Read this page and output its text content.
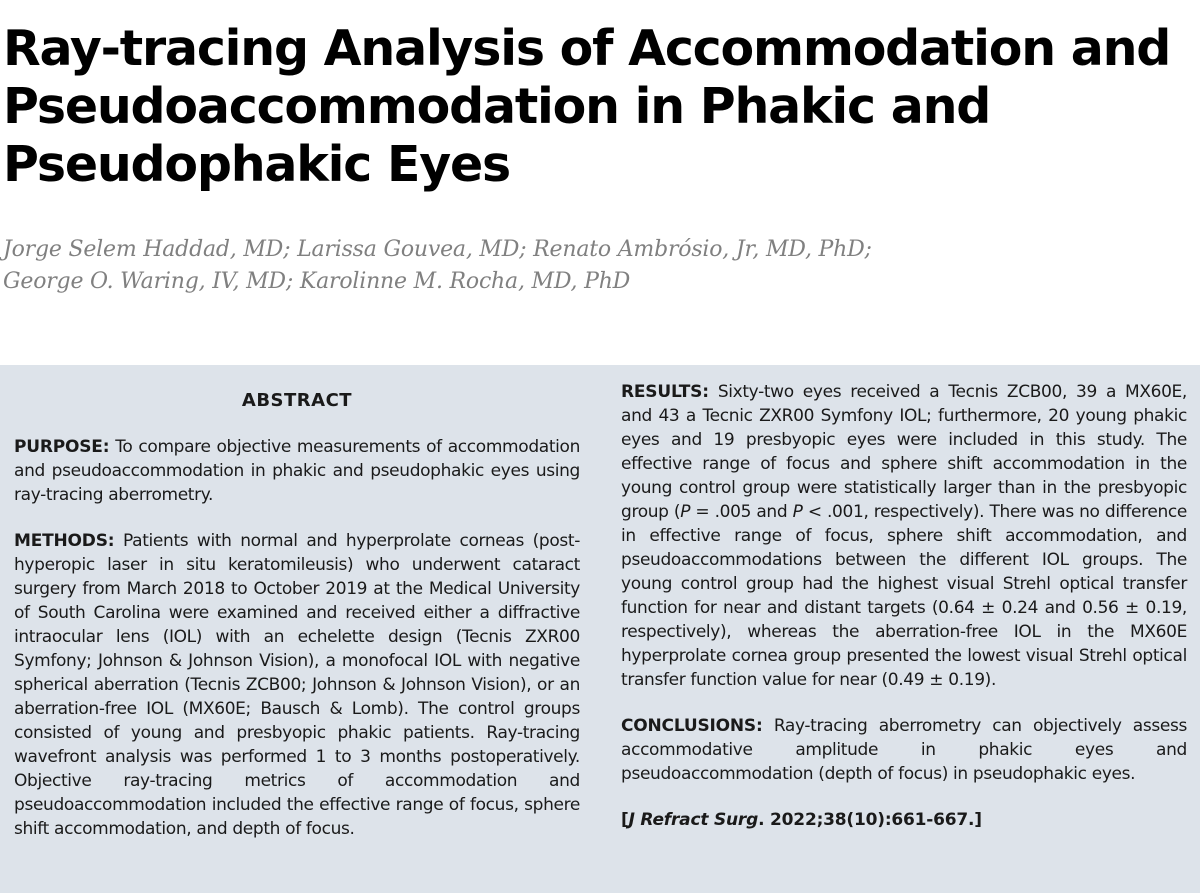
Ray-tracing Analysis of Accommodation and Pseudoaccommodation in Phakic and Pseudophakic Eyes
Jorge Selem Haddad, MD; Larissa Gouvea, MD; Renato Ambrósio, Jr, MD, PhD;
George O. Waring, IV, MD; Karolinne M. Rocha, MD, PhD
ABSTRACT

PURPOSE: To compare objective measurements of accommodation and pseudoaccommodation in phakic and pseudophakic eyes using ray-tracing aberrometry.

METHODS: Patients with normal and hyperprolate corneas (post-hyperopic laser in situ keratomileusis) who underwent cataract surgery from March 2018 to October 2019 at the Medical University of South Carolina were examined and received either a diffractive intraocular lens (IOL) with an echelette design (Tecnis ZXR00 Symfony; Johnson & Johnson Vision), a monofocal IOL with negative spherical aberration (Tecnis ZCB00; Johnson & Johnson Vision), or an aberration-free IOL (MX60E; Bausch & Lomb). The control groups consisted of young and presbyopic phakic patients. Ray-tracing wavefront analysis was performed 1 to 3 months postoperatively. Objective ray-tracing metrics of accommodation and pseudoaccommodation included the effective range of focus, sphere shift accommodation, and depth of focus.

RESULTS: Sixty-two eyes received a Tecnis ZCB00, 39 a MX60E, and 43 a Tecnic ZXR00 Symfony IOL; furthermore, 20 young phakic eyes and 19 presbyopic eyes were included in this study. The effective range of focus and sphere shift accommodation in the young control group were statistically larger than in the presbyopic group (P = .005 and P < .001, respectively). There was no difference in effective range of focus, sphere shift accommodation, and pseudoaccommodations between the different IOL groups. The young control group had the highest visual Strehl optical transfer function for near and distant targets (0.64 ± 0.24 and 0.56 ± 0.19, respectively), whereas the aberration-free IOL in the MX60E hyperprolate cornea group presented the lowest visual Strehl optical transfer function value for near (0.49 ± 0.19).

CONCLUSIONS: Ray-tracing aberrometry can objectively assess accommodative amplitude in phakic eyes and pseudoaccommodation (depth of focus) in pseudophakic eyes.

[J Refract Surg. 2022;38(10):661-667.]
